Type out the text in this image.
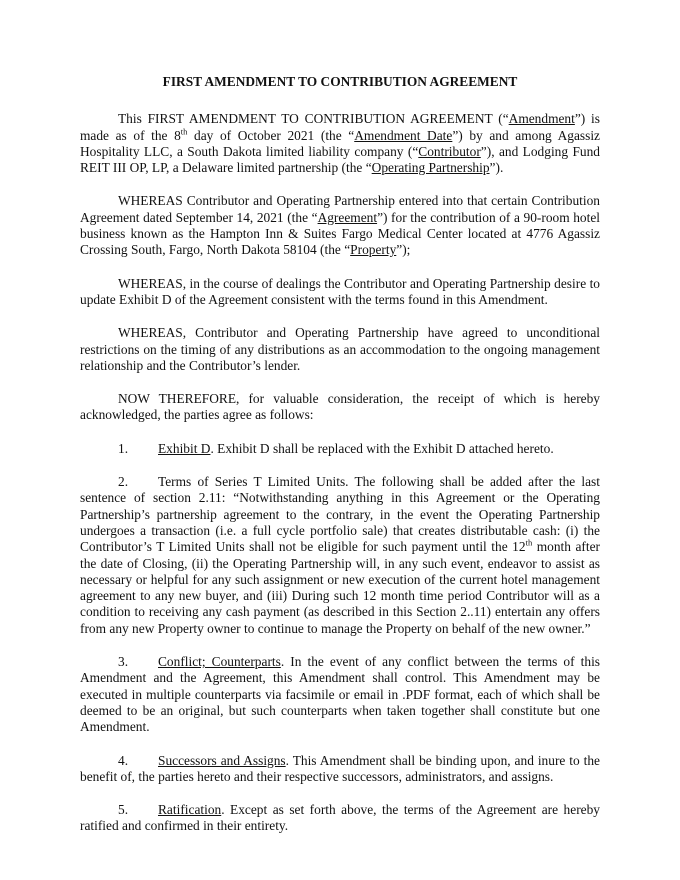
FIRST AMENDMENT TO CONTRIBUTION AGREEMENT

This FIRST AMENDMENT TO CONTRIBUTION AGREEMENT (“Amendment”) is made as of the 8th day of October 2021 (the “Amendment Date”) by and among Agassiz Hospitality LLC, a South Dakota limited liability company (“Contributor”), and Lodging Fund REIT III OP, LP, a Delaware limited partnership (the “Operating Partnership”).

WHEREAS Contributor and Operating Partnership entered into that certain Contribution Agreement dated September 14, 2021 (the “Agreement”) for the contribution of a 90-room hotel business known as the Hampton Inn & Suites Fargo Medical Center located at 4776 Agassiz Crossing South, Fargo, North Dakota 58104 (the “Property”);

WHEREAS, in the course of dealings the Contributor and Operating Partnership desire to update Exhibit D of the Agreement consistent with the terms found in this Amendment.

WHEREAS, Contributor and Operating Partnership have agreed to unconditional restrictions on the timing of any distributions as an accommodation to the ongoing management relationship and the Contributor’s lender.

NOW THEREFORE, for valuable consideration, the receipt of which is hereby acknowledged, the parties agree as follows:

1. Exhibit D. Exhibit D shall be replaced with the Exhibit D attached hereto.

2. Terms of Series T Limited Units. The following shall be added after the last sentence of section 2.11: “Notwithstanding anything in this Agreement or the Operating Partnership’s partnership agreement to the contrary, in the event the Operating Partnership undergoes a transaction (i.e. a full cycle portfolio sale) that creates distributable cash: (i) the Contributor’s T Limited Units shall not be eligible for such payment until the 12th month after the date of Closing, (ii) the Operating Partnership will, in any such event, endeavor to assist as necessary or helpful for any such assignment or new execution of the current hotel management agreement to any new buyer, and (iii) During such 12 month time period Contributor will as a condition to receiving any cash payment (as described in this Section 2..11) entertain any offers from any new Property owner to continue to manage the Property on behalf of the new owner.”

3. Conflict; Counterparts. In the event of any conflict between the terms of this Amendment and the Agreement, this Amendment shall control. This Amendment may be executed in multiple counterparts via facsimile or email in .PDF format, each of which shall be deemed to be an original, but such counterparts when taken together shall constitute but one Amendment.

4. Successors and Assigns. This Amendment shall be binding upon, and inure to the benefit of, the parties hereto and their respective successors, administrators, and assigns.

5. Ratification. Except as set forth above, the terms of the Agreement are hereby ratified and confirmed in their entirety.
